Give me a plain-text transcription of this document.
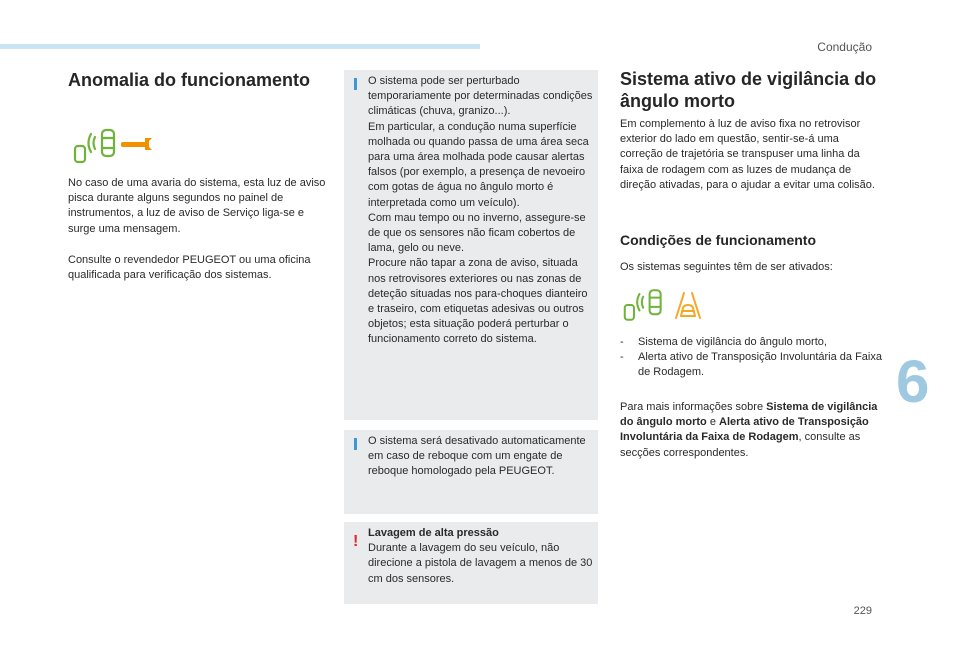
Condução
Anomalia do funcionamento
No caso de uma avaria do sistema, esta luz de aviso pisca durante alguns segundos no painel de instrumentos, a luz de aviso de Serviço liga-se e surge uma mensagem.
Consulte o revendedor PEUGEOT ou uma oficina qualificada para verificação dos sistemas.
O sistema pode ser perturbado temporariamente por determinadas condições climáticas (chuva, granizo...).
Em particular, a condução numa superfície molhada ou quando passa de uma área seca para uma área molhada pode causar alertas falsos (por exemplo, a presença de nevoeiro com gotas de água no ângulo morto é interpretada como um veículo).
Com mau tempo ou no inverno, assegure-se de que os sensores não ficam cobertos de lama, gelo ou neve.
Procure não tapar a zona de aviso, situada nos retrovisores exteriores ou nas zonas de deteção situadas nos para-choques dianteiro e traseiro, com etiquetas adesivas ou outros objetos; esta situação poderá perturbar o funcionamento correto do sistema.
O sistema será desativado automaticamente em caso de reboque com um engate de reboque homologado pela PEUGEOT.
! Lavagem de alta pressão
Durante a lavagem do seu veículo, não direcione a pistola de lavagem a menos de 30 cm dos sensores.
Sistema ativo de vigilância do ângulo morto
Em complemento à luz de aviso fixa no retrovisor exterior do lado em questão, sentir-se-á uma correção de trajetória se transpuser uma linha da faixa de rodagem com as luzes de mudança de direção ativadas, para o ajudar a evitar uma colisão.
Condições de funcionamento
Os sistemas seguintes têm de ser ativados:
- Sistema de vigilância do ângulo morto,
- Alerta ativo de Transposição Involuntária da Faixa de Rodagem.
Para mais informações sobre Sistema de vigilância do ângulo morto e Alerta ativo de Transposição Involuntária da Faixa de Rodagem, consulte as secções correspondentes.
6
229
